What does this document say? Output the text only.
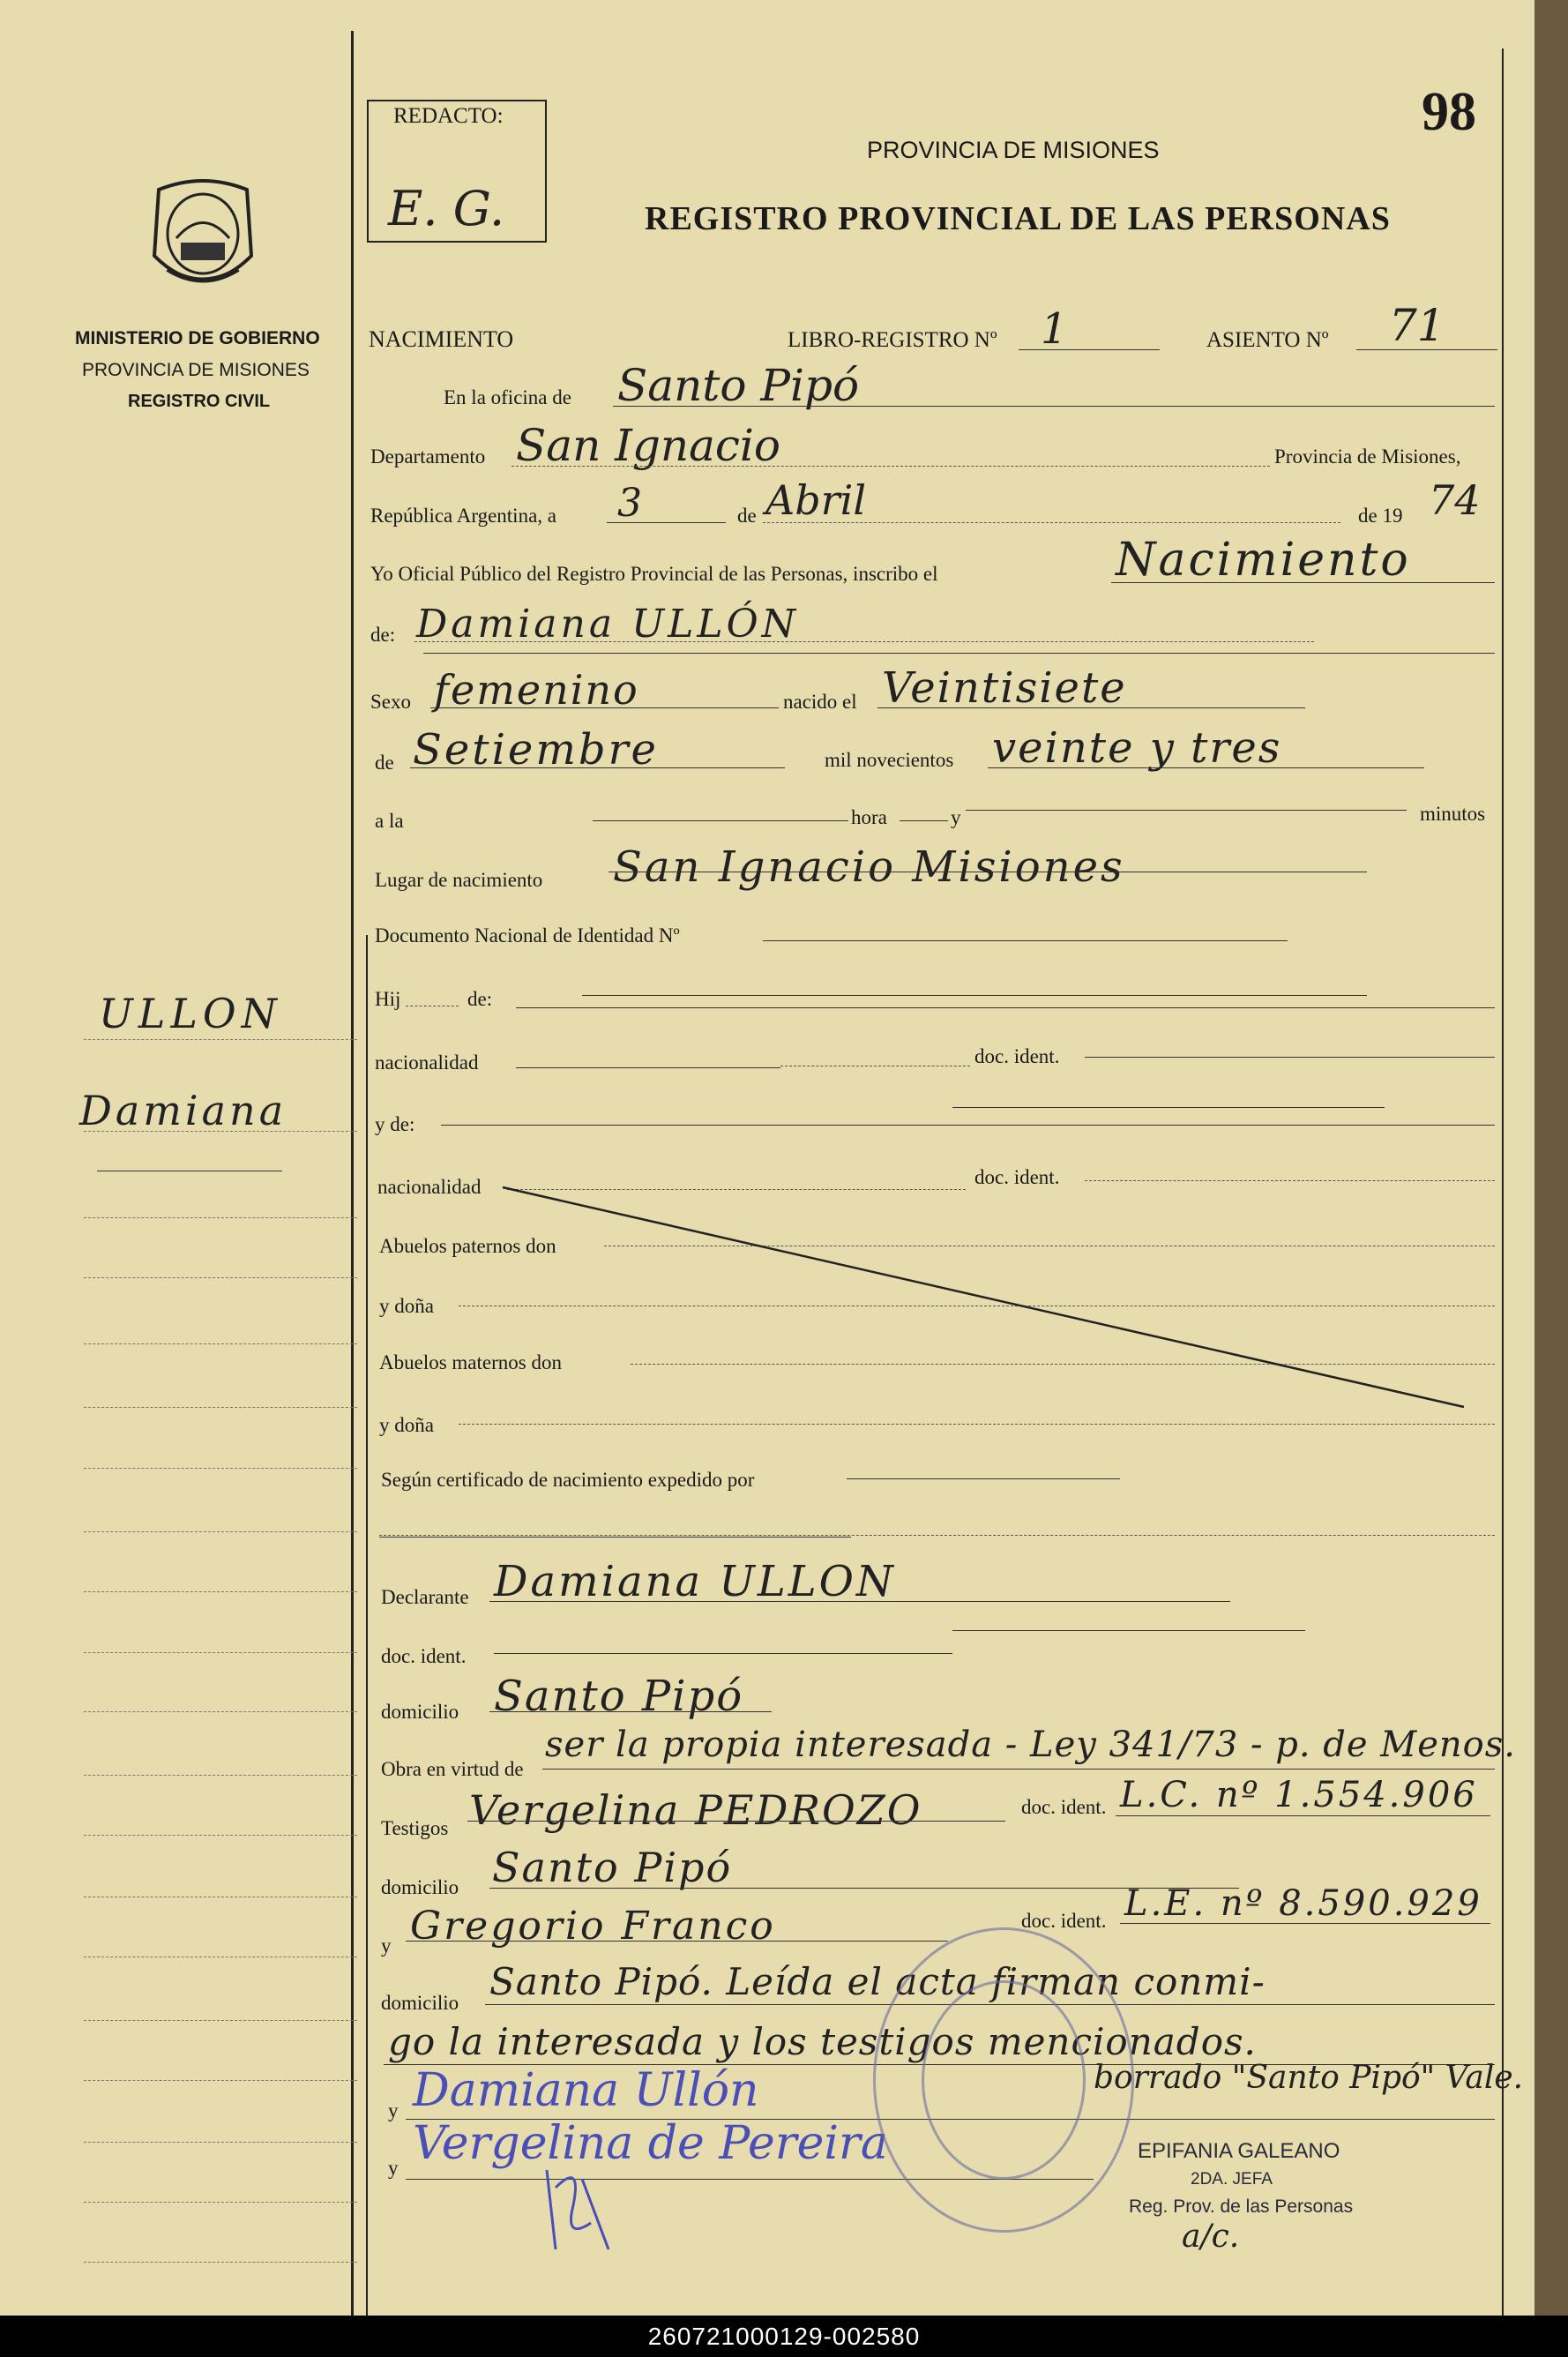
98
REDACTO:
E. G.
PROVINCIA DE MISIONES
REGISTRO PROVINCIAL DE LAS PERSONAS
MINISTERIO DE GOBIERNO
PROVINCIA DE MISIONES
REGISTRO CIVIL
ULLON
Damiana
NACIMIENTO	LIBRO-REGISTRO Nº 1	ASIENTO Nº 71
En la oficina de Santo Pipó
Departamento San Ignacio	Provincia de Misiones,
República Argentina, a 3	de Abril	de 19 74
Yo Oficial Público del Registro Provincial de las Personas, inscribo el	Nacimiento
de: Damiana ULLÓN
Sexo femenino	nacido el Veintisiete
de Setiembre	mil novecientos veinte y tres
a la	hora	y	minutos
Lugar de nacimiento San Ignacio Misiones
Documento Nacional de Identidad Nº
Hij	de:
nacionalidad	doc. ident.
y de:
nacionalidad	doc. ident.
Abuelos paternos don
y doña
Abuelos maternos don
y doña
Según certificado de nacimiento expedido por
Declarante Damiana ULLON
doc. ident.
domicilio Santo Pipó
Obra en virtud de
ser la propia interesada - Ley 341/73 - p. de Menos.
Testigos Vergelina PEDROZO	doc. ident. L.C. nº 1.554.906
domicilio Santo Pipó
y Gregorio Franco	doc. ident. L.E. nº 8.590.929
domicilio Santo Pipó. Leída el acta firman conmi-
go la interesada y los testigos mencionados.
y Damiana Ullón	borrado "Santo Pipó" Vale.
y Vergelina de Pereira	EPIFANIA GALEANO
2DA. JEFA
Reg. Prov. de las Personas
a/c.
260721000129-002580
